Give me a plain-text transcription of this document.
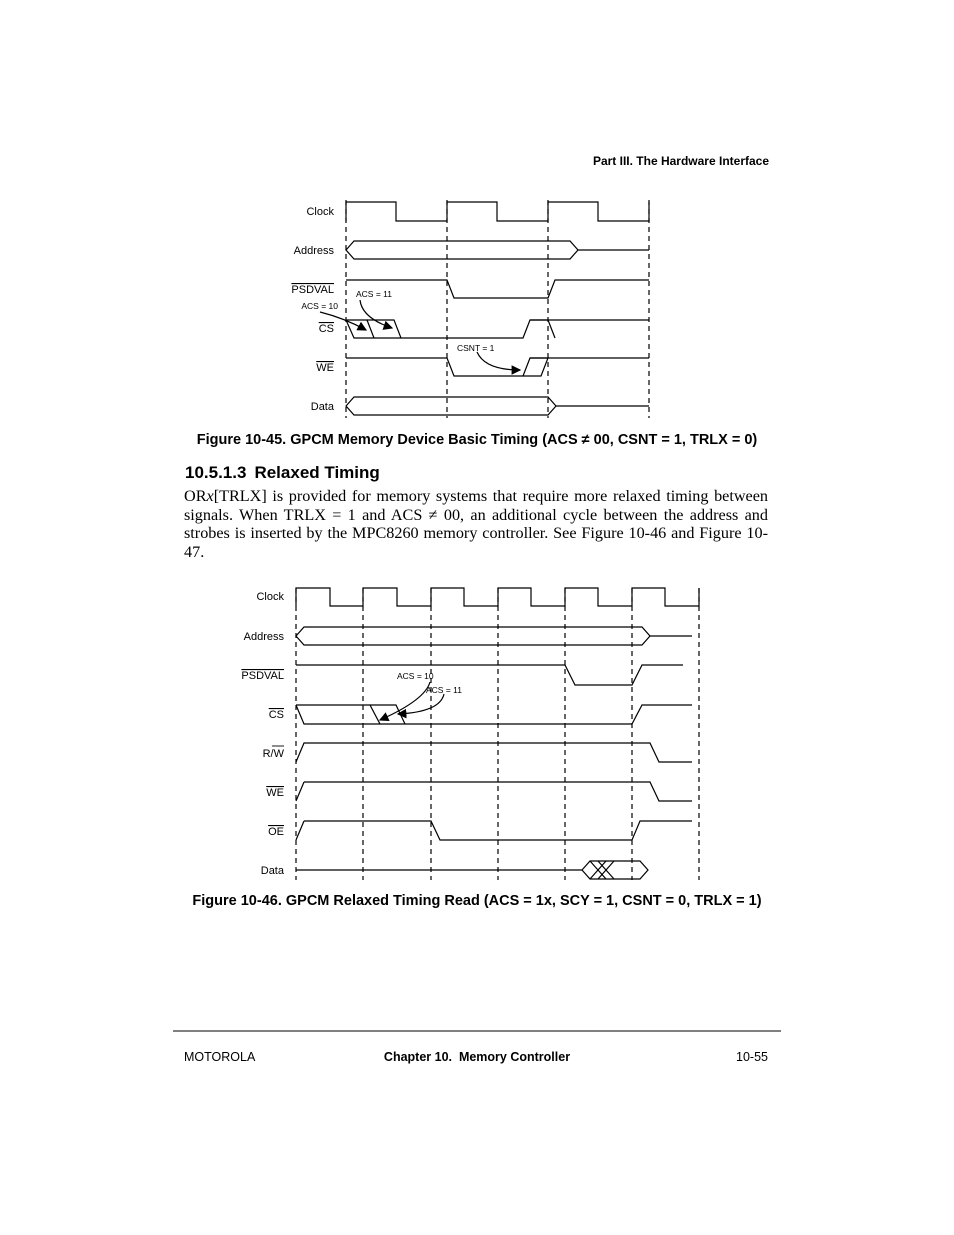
Part III. The Hardware Interface
Clock
Address
PSDVAL
CS
WE
Data
ACS = 11
ACS = 10
CSNT = 1
Figure 10-45. GPCM Memory Device Basic Timing (ACS ≠ 00, CSNT = 1, TRLX = 0)
10.5.1.3 Relaxed Timing

ORx[TRLX] is provided for memory systems that require more relaxed timing between signals. When TRLX = 1 and ACS ≠ 00, an additional cycle between the address and strobes is inserted by the MPC8260 memory controller. See Figure 10-46 and Figure 10-47.

Clock
Address
PSDVAL
CS
R/W
WE
OE
Data
ACS = 10
ACS = 11
Figure 10-46. GPCM Relaxed Timing Read (ACS = 1x, SCY = 1, CSNT = 0, TRLX = 1)
MOTOROLA	Chapter 10.  Memory Controller	10-55
